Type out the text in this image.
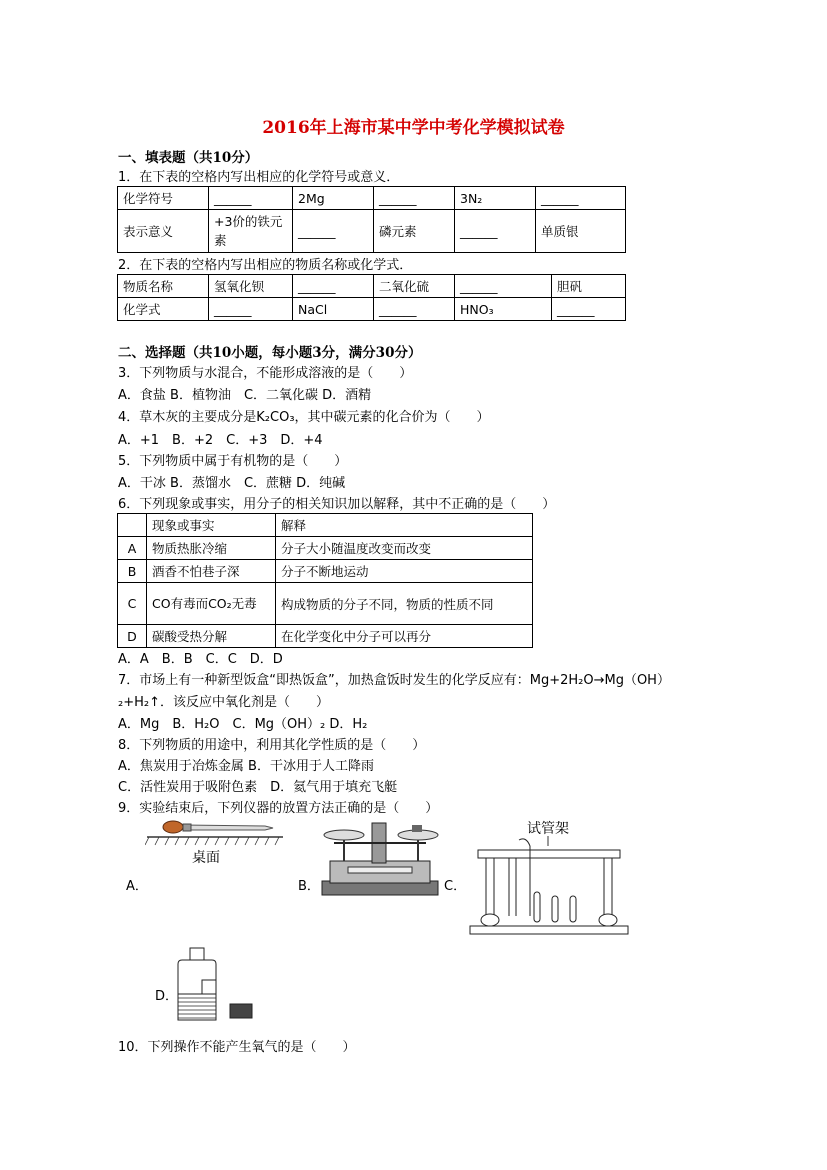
2016年上海市某中学中考化学模拟试卷
一、填表题（共10分）
1．在下表的空格内写出相应的化学符号或意义．
化学符号	______	2Mg	______	3N₂	______
表示意义	+3价的铁元素	______	磷元素	______	单质银
2．在下表的空格内写出相应的物质名称或化学式．
物质名称	氢氧化钡	______	二氧化硫	______	胆矾
化学式	______	NaCl	______	HNO₃	______
二、选择题（共10小题，每小题3分，满分30分）
3．下列物质与水混合，不能形成溶液的是（　　）
A．食盐 B．植物油　C．二氧化碳 D．酒精
4．草木灰的主要成分是K₂CO₃，其中碳元素的化合价为（　　）
A．+1　B．+2　C．+3　D．+4
5．下列物质中属于有机物的是（　　）
A．干冰 B．蒸馏水　C．蔗糖 D．纯碱
6．下列现象或事实，用分子的相关知识加以解释，其中不正确的是（　　）
	现象或事实	解释
A	物质热胀冷缩	分子大小随温度改变而改变
B	酒香不怕巷子深	分子不断地运动
C	CO有毒而CO₂无毒	构成物质的分子不同，物质的性质不同
D	碳酸受热分解	在化学变化中分子可以再分
A．A　B．B　C．C　D．D
7．市场上有一种新型饭盒“即热饭盒”，加热盒饭时发生的化学反应有：Mg+2H₂O→Mg（OH）
₂+H₂↑．该反应中氧化剂是（　　）
A．Mg　B．H₂O　C．Mg（OH）₂ D．H₂
8．下列物质的用途中，利用其化学性质的是（　　）
A．焦炭用于冶炼金属 B．干冰用于人工降雨
C．活性炭用于吸附色素　D．氦气用于填充飞艇
9．实验结束后，下列仪器的放置方法正确的是（　　）
桌面
A．	B．	C．
试管架
D．
10．下列操作不能产生氧气的是（　　）
